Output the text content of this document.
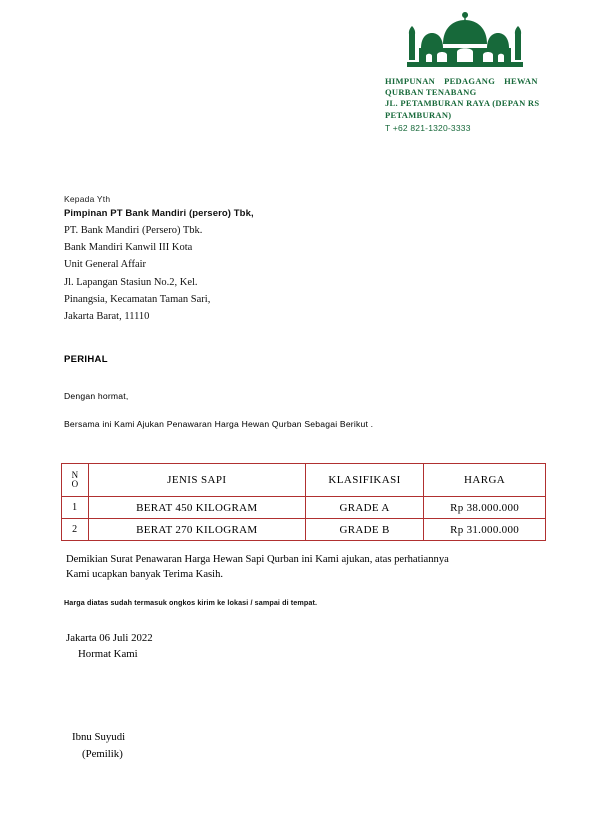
HIMPUNAN PEDAGANG HEWAN
QURBAN TENABANG
JL. PETAMBURAN RAYA (DEPAN RS
PETAMBURAN)
T +62 821-1320-3333
Kepada Yth
Pimpinan PT Bank Mandiri (persero) Tbk,
PT. Bank Mandiri (Persero) Tbk.
Bank Mandiri Kanwil III Kota
Unit General Affair
Jl. Lapangan Stasiun No.2, Kel.
Pinangsia, Kecamatan Taman Sari,
Jakarta Barat, 11110
PERIHAL
Dengan hormat,
Bersama ini Kami Ajukan Penawaran Harga Hewan Qurban Sebagai Berikut .
N
O	JENIS SAPI	KLASIFIKASI	HARGA
1	BERAT 450 KILOGRAM	GRADE A	Rp 38.000.000
2	BERAT 270 KILOGRAM	GRADE B	Rp 31.000.000
Demikian Surat Penawaran Harga Hewan Sapi Qurban ini Kami ajukan, atas perhatiannya
Kami ucapkan banyak Terima Kasih.
Harga diatas sudah termasuk ongkos kirim ke lokasi / sampai di tempat.
Jakarta 06 Juli 2022
Hormat Kami
Ibnu Suyudi
(Pemilik)
